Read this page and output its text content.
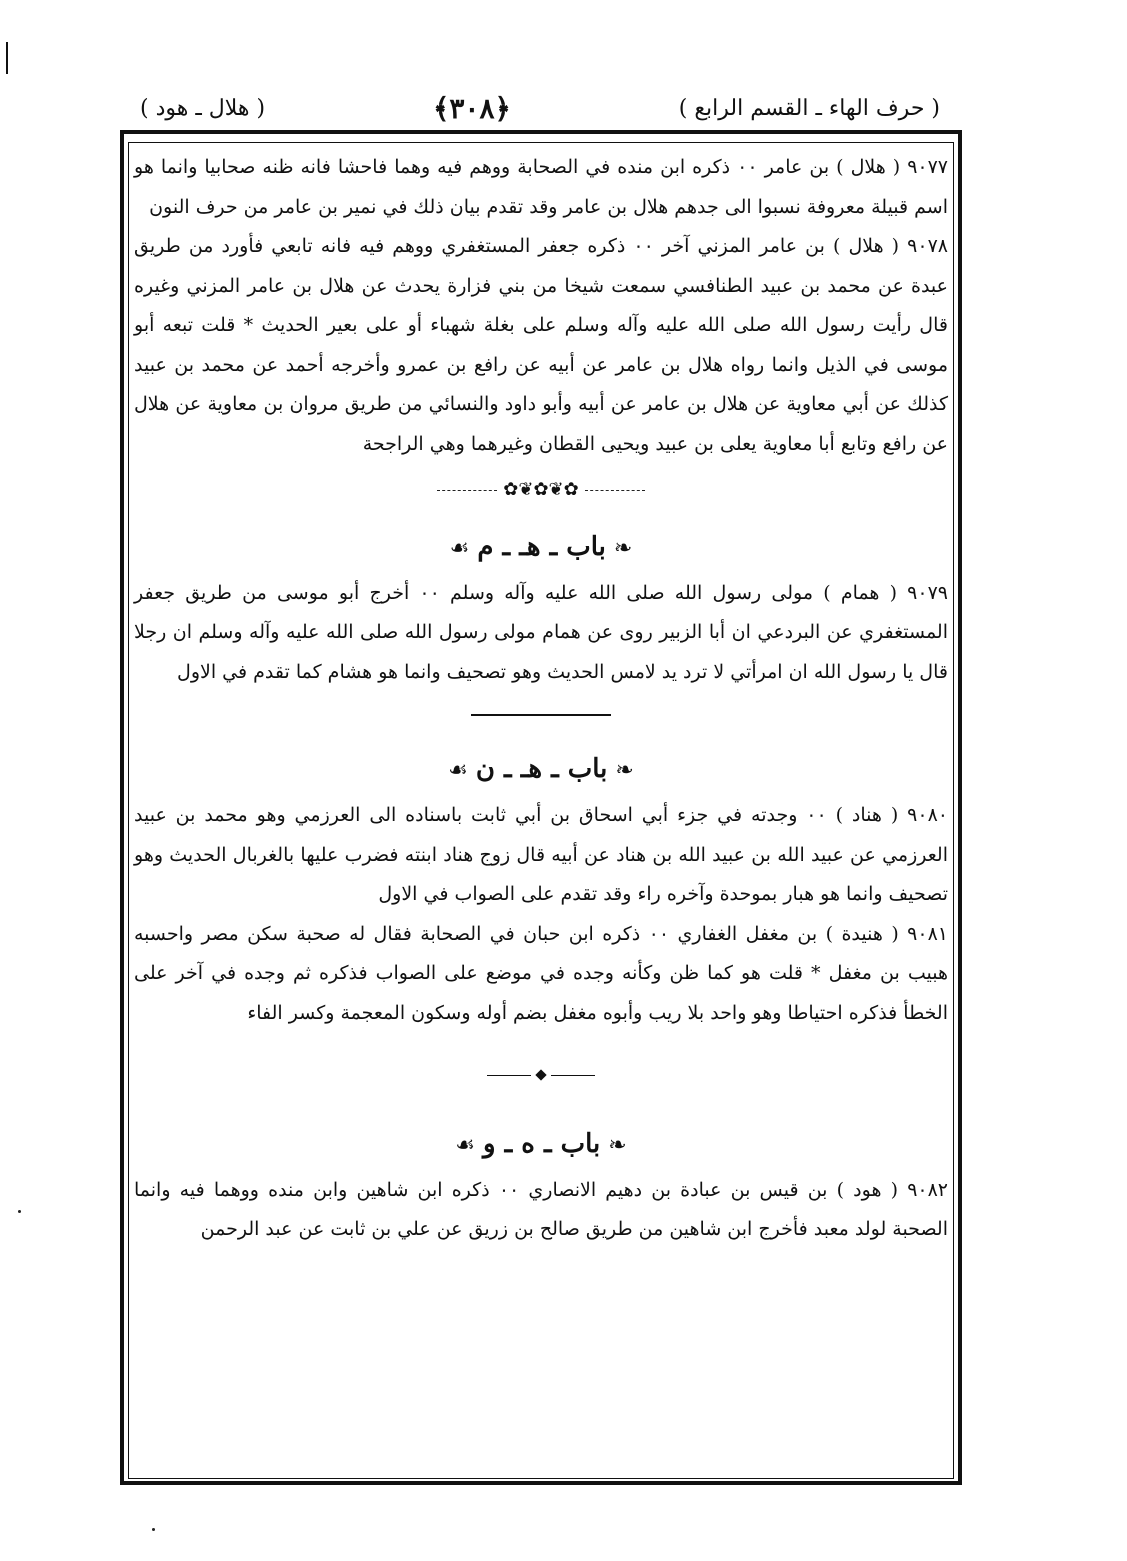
( حرف الهاء ـ القسم الرابع )
﴿٣٠٨﴾
( هلال ـ هود )

٩٠٧٧ ( هلال ) بن عامر ٠٠ ذكره ابن منده في الصحابة ووهم فيه وهما فاحشا فانه ظنه صحابيا وانما هو اسم قبيلة معروفة نسبوا الى جدهم هلال بن عامر وقد تقدم بيان ذلك في نمير بن عامر من حرف النون

٩٠٧٨ ( هلال ) بن عامر المزني آخر ٠٠ ذكره جعفر المستغفري ووهم فيه فانه تابعي فأورد من طريق عبدة عن محمد بن عبيد الطنافسي سمعت شيخا من بني فزارة يحدث عن هلال بن عامر المزني وغيره قال رأيت رسول الله صلى الله عليه وآله وسلم على بغلة شهباء أو على بعير الحديث * قلت تبعه أبو موسى في الذيل وانما رواه هلال بن عامر عن أبيه عن رافع بن عمرو وأخرجه أحمد عن محمد بن عبيد كذلك عن أبي معاوية عن هلال بن عامر عن أبيه وأبو داود والنسائي من طريق مروان بن معاوية عن هلال عن رافع وتابع أبا معاوية يعلى بن عبيد ويحيى القطان وغيرهما وهي الراجحة

✿❦✿❦✿
❧باب ـ هـ ـ م☙

٩٠٧٩ ( همام ) مولى رسول الله صلى الله عليه وآله وسلم ٠٠ أخرج أبو موسى من طريق جعفر المستغفري عن البردعي ان أبا الزبير روى عن همام مولى رسول الله صلى الله عليه وآله وسلم ان رجلا قال يا رسول الله ان امرأتي لا ترد يد لامس الحديث وهو تصحيف وانما هو هشام كما تقدم في الاول

❧باب ـ هـ ـ ن☙

٩٠٨٠ ( هناد ) ٠٠ وجدته في جزء أبي اسحاق بن أبي ثابت باسناده الى العرزمي وهو محمد بن عبيد العرزمي عن عبيد الله بن عبيد الله بن هناد عن أبيه قال زوج هناد ابنته فضرب عليها بالغربال الحديث وهو تصحيف وانما هو هبار بموحدة وآخره راء وقد تقدم على الصواب في الاول

٩٠٨١ ( هنيدة ) بن مغفل الغفاري ٠٠ ذكره ابن حبان في الصحابة فقال له صحبة سكن مصر واحسبه هبيب بن مغفل * قلت هو كما ظن وكأنه وجده في موضع على الصواب فذكره ثم وجده في آخر على الخطأ فذكره احتياطا وهو واحد بلا ريب وأبوه مغفل بضم أوله وسكون المعجمة وكسر الفاء

❧باب ـ ه ـ و☙

٩٠٨٢ ( هود ) بن قيس بن عبادة بن دهيم الانصاري ٠٠ ذكره ابن شاهين وابن منده ووهما فيه وانما الصحبة لولد معبد فأخرج ابن شاهين من طريق صالح بن زريق عن علي بن ثابت عن عبد الرحمن
